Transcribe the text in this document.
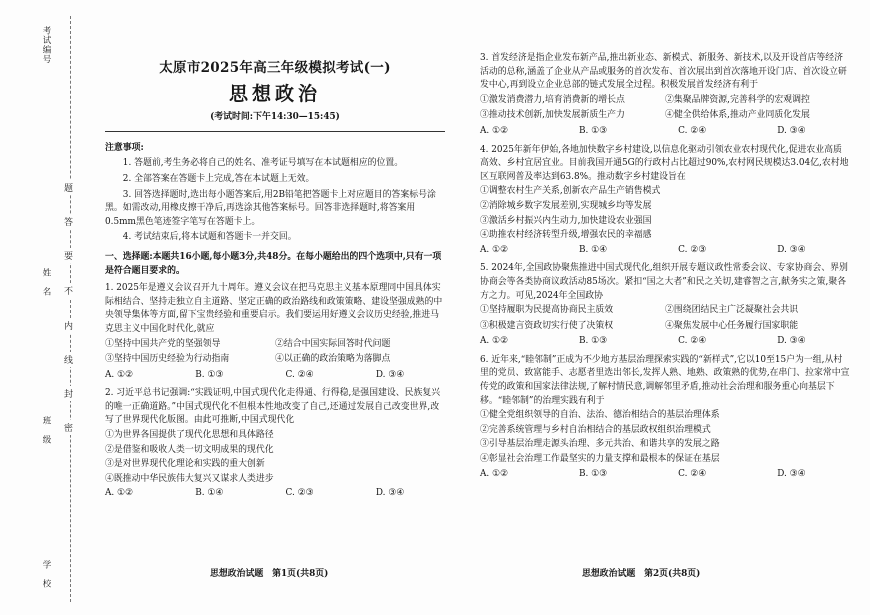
考试编号
姓　名
班　级
学　校
题
答
要
不
内
线
封
密
太原市2025年高三年级模拟考试(一)
思想政治
(考试时间:下午14:30—15:45)
注意事项:
1. 答题前,考生务必将自己的姓名、准考证号填写在本试题相应的位置。
2. 全部答案在答题卡上完成,答在本试题上无效。
3. 回答选择题时,选出每小题答案后,用2B铅笔把答题卡上对应题目的答案标号涂黑。如需改动,用橡皮擦干净后,再选涂其他答案标号。回答非选择题时,将答案用0.5mm黑色笔迹签字笔写在答题卡上。
4. 考试结束后,将本试题和答题卡一并交回。
一、选择题:本题共16小题,每小题3分,共48分。在每小题给出的四个选项中,只有一项是符合题目要求的。
1. 2025年是遵义会议召开九十周年。遵义会议在把马克思主义基本原理同中国具体实际相结合、坚持走独立自主道路、坚定正确的政治路线和政策策略、建设坚强成熟的中央领导集体等方面,留下宝贵经验和重要启示。我们要运用好遵义会议历史经验,推进马克思主义中国化时代化,就应
①坚持中国共产党的坚强领导	②结合中国实际回答时代问题
③坚持中国历史经验为行动指南	④以正确的政治策略为落脚点
A. ①②	B. ①③	C. ②④	D. ③④
2. 习近平总书记强调:“实践证明,中国式现代化走得通、行得稳,是强国建设、民族复兴的唯一正确道路。”中国式现代化不但根本性地改变了自己,还通过发展自己改变世界,改写了世界现代化版图。由此可推断,中国式现代化
①为世界各国提供了现代化思想和具体路径
②是借鉴和吸收人类一切文明成果的现代化
③是对世界现代化理论和实践的重大创新
④既推动中华民族伟大复兴又谋求人类进步
A. ①②	B. ①④	C. ②③	D. ③④
3. 首发经济是指企业发布新产品,推出新业态、新模式、新服务、新技术,以及开设首店等经济活动的总称,涵盖了企业从产品或服务的首次发布、首次展出到首次落地开设门店、首次设立研发中心,再到设立企业总部的链式发展全过程。积极发展首发经济有利于
①激发消费潜力,培育消费新的增长点	②集聚品牌资源,完善科学的宏观调控
③推动技术创新,加快发展新质生产力	④健全供给体系,推动产业同质化发展
A. ①②	B. ①③	C. ②④	D. ③④
4. 2025年新年伊始,各地加快数字乡村建设,以信息化驱动引领农业农村现代化,促进农业高质高效、乡村宜居宜业。目前我国开通5G的行政村占比超过90%,农村网民规模达3.04亿,农村地区互联网普及率达到63.8%。推动数字乡村建设旨在
①调整农村生产关系,创新农产品生产销售模式
②消除城乡数字发展差别,实现城乡均等发展
③激活乡村振兴内生动力,加快建设农业强国
④助推农村经济转型升级,增强农民的幸福感
A. ①②	B. ①④	C. ②③	D. ③④
5. 2024年,全国政协聚焦推进中国式现代化,组织开展专题议政性常委会议、专家协商会、界别协商会等各类协商议政活动85场次。紧扣“国之大者”和民之关切,建睿智之言,献务实之策,聚各方之力。可见,2024年全国政协
①坚持履职为民提高协商民主质效	②围绕团结民主广泛凝聚社会共识
③积极建言资政切实行使了决策权	④聚焦发展中心任务履行国家职能
A. ①②	B. ①③	C. ②④	D. ③④
6. 近年来,“睦邻制”正成为不少地方基层治理探索实践的“新样式”,它以10至15户为一组,从村里的党员、致富能手、志愿者里选出邻长,发挥人熟、地熟、政策熟的优势,在串门、拉家常中宣传党的政策和国家法律法规,了解村情民意,调解邻里矛盾,推动社会治理和服务重心向基层下移。“睦邻制”的治理实践有利于
①健全党组织领导的自治、法治、德治相结合的基层治理体系
②完善系统管理与乡村自治相结合的基层政权组织治理模式
③引导基层治理走源头治理、多元共治、和谐共享的发展之路
④彰显社会治理工作最坚实的力量支撑和最根本的保证在基层
A. ①②	B. ①③	C. ②④	D. ③④
思想政治试题　第1页(共8页)	思想政治试题　第2页(共8页)
